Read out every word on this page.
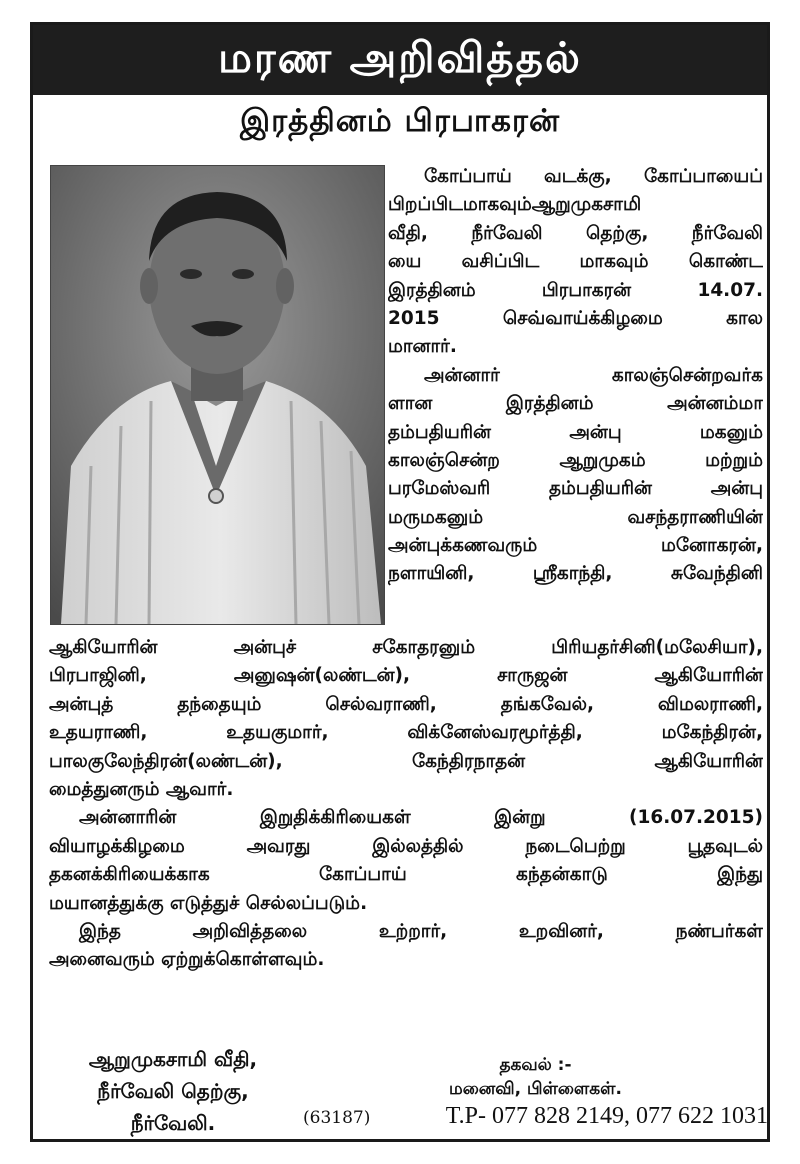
மரண அறிவித்தல்
இரத்தினம் பிரபாகரன்
கோப்பாய் வடக்கு, கோப்பாயைப்
பிறப்பிடமாகவும்ஆறுமுகசாமி
வீதி, நீர்வேலி தெற்கு, நீர்வேலி
யை வசிப்பிட மாகவும் கொண்ட
இரத்தினம் பிரபாகரன் 14.07.
2015 செவ்வாய்க்கிழமை கால
மானார்.
அன்னார் காலஞ்சென்றவர்க
ளான இரத்தினம் அன்னம்மா
தம்பதியரின் அன்பு மகனும்
காலஞ்சென்ற ஆறுமுகம் மற்றும்
பரமேஸ்வரி தம்பதியரின் அன்பு
மருமகனும் வசந்தராணியின்
அன்புக்கணவரும் மனோகரன்,
நளாயினி, ஸ்ரீகாந்தி, சுவேந்தினி
ஆகியோரின் அன்புச் சகோதரனும் பிரியதர்சினி(மலேசியா),
பிரபாஜினி, அனுஷன்(லண்டன்), சாருஜன் ஆகியோரின்
அன்புத் தந்தையும் செல்வராணி, தங்கவேல், விமலராணி,
உதயராணி, உதயகுமார், விக்னேஸ்வரமூர்த்தி, மகேந்திரன்,
பாலகுலேந்திரன்(லண்டன்), கேந்திரநாதன் ஆகியோரின்
மைத்துனரும் ஆவார்.
அன்னாரின் இறுதிக்கிரியைகள் இன்று (16.07.2015)
வியாழக்கிழமை அவரது இல்லத்தில் நடைபெற்று பூதவுடல்
தகனக்கிரியைக்காக கோப்பாய் கந்தன்காடு இந்து
மயானத்துக்கு எடுத்துச் செல்லப்படும்.
இந்த அறிவித்தலை உற்றார், உறவினர், நண்பர்கள்
அனைவரும் ஏற்றுக்கொள்ளவும்.
ஆறுமுகசாமி வீதி,
நீர்வேலி தெற்கு,
நீர்வேலி.
தகவல் :-
மனைவி, பிள்ளைகள்.
(63187)	T.P- 077 828 2149, 077 622 1031
